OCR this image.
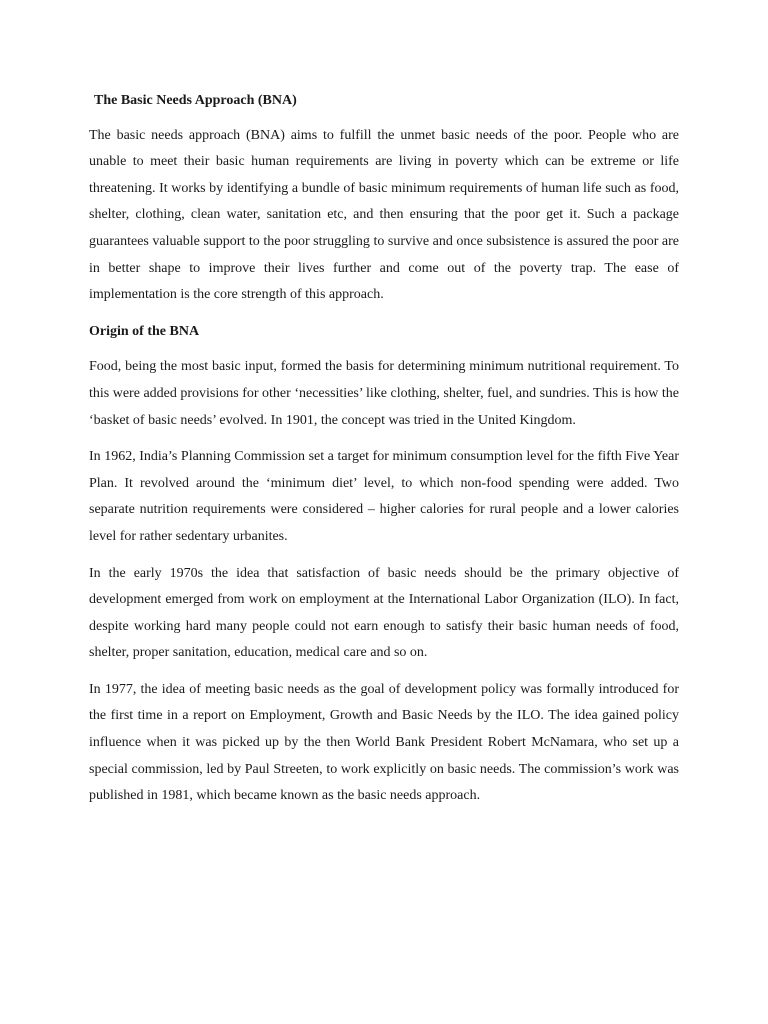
The Basic Needs Approach (BNA)

The basic needs approach (BNA) aims to fulfill the unmet basic needs of the poor. People who are unable to meet their basic human requirements are living in poverty which can be extreme or life threatening. It works by identifying a bundle of basic minimum requirements of human life such as food, shelter, clothing, clean water, sanitation etc, and then ensuring that the poor get it. Such a package guarantees valuable support to the poor struggling to survive and once subsistence is assured the poor are in better shape to improve their lives further and come out of the poverty trap. The ease of implementation is the core strength of this approach.

Origin of the BNA

Food, being the most basic input, formed the basis for determining minimum nutritional requirement. To this were added provisions for other ‘necessities’ like clothing, shelter, fuel, and sundries. This is how the ‘basket of basic needs’ evolved. In 1901, the concept was tried in the United Kingdom.

In 1962, India’s Planning Commission set a target for minimum consumption level for the fifth Five Year Plan. It revolved around the ‘minimum diet’ level, to which non-food spending were added. Two separate nutrition requirements were considered – higher calories for rural people and a lower calories level for rather sedentary urbanites.

In the early 1970s the idea that satisfaction of basic needs should be the primary objective of development emerged from work on employment at the International Labor Organization (ILO). In fact, despite working hard many people could not earn enough to satisfy their basic human needs of food, shelter, proper sanitation, education, medical care and so on.

In 1977, the idea of meeting basic needs as the goal of development policy was formally introduced for the first time in a report on Employment, Growth and Basic Needs by the ILO. The idea gained policy influence when it was picked up by the then World Bank President Robert McNamara, who set up a special commission, led by Paul Streeten, to work explicitly on basic needs. The commission’s work was published in 1981, which became known as the basic needs approach.
